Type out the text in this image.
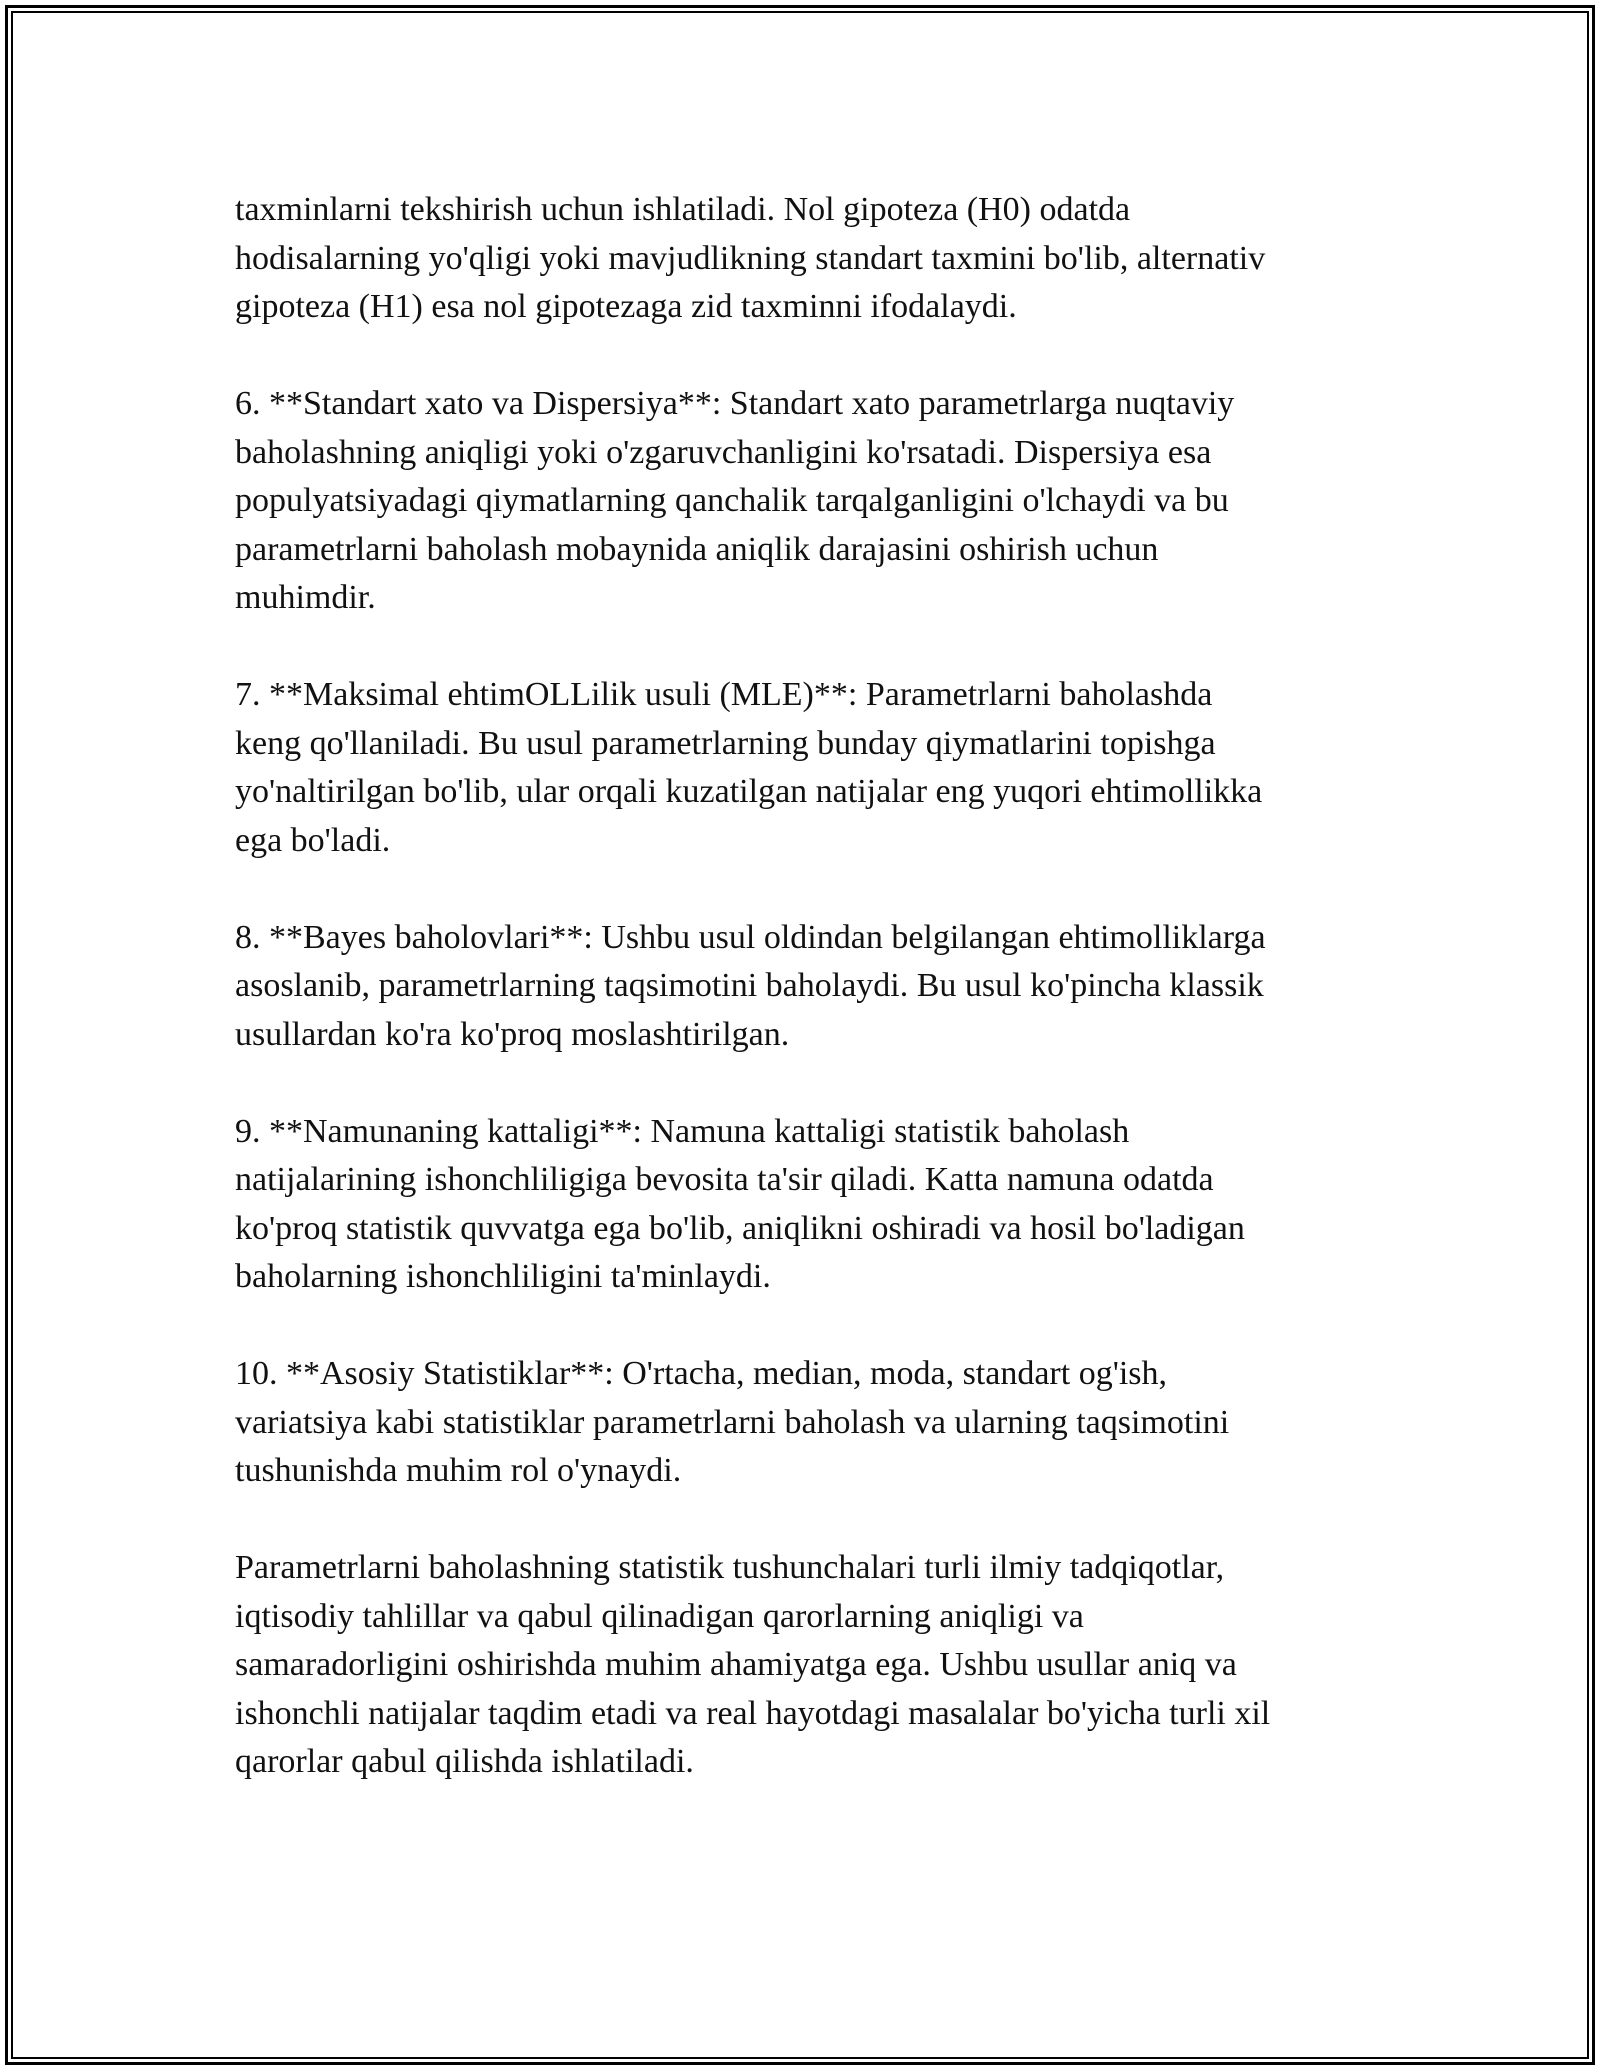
taxminlarni tekshirish uchun ishlatiladi. Nol gipoteza (H0) odatda
hodisalarning yo'qligi yoki mavjudlikning standart taxmini bo'lib, alternativ
gipoteza (H1) esa nol gipotezaga zid taxminni ifodalaydi.

6. **Standart xato va Dispersiya**: Standart xato parametrlarga nuqtaviy
baholashning aniqligi yoki o'zgaruvchanligini ko'rsatadi. Dispersiya esa
populyatsiyadagi qiymatlarning qanchalik tarqalganligini o'lchaydi va bu
parametrlarni baholash mobaynida aniqlik darajasini oshirish uchun
muhimdir.

7. **Maksimal ehtimOLLilik usuli (MLE)**: Parametrlarni baholashda
keng qo'llaniladi. Bu usul parametrlarning bunday qiymatlarini topishga
yo'naltirilgan bo'lib, ular orqali kuzatilgan natijalar eng yuqori ehtimollikka
ega bo'ladi.

8. **Bayes baholovlari**: Ushbu usul oldindan belgilangan ehtimolliklarga
asoslanib, parametrlarning taqsimotini baholaydi. Bu usul ko'pincha klassik
usullardan ko'ra ko'proq moslashtirilgan.

9. **Namunaning kattaligi**: Namuna kattaligi statistik baholash
natijalarining ishonchliligiga bevosita ta'sir qiladi. Katta namuna odatda
ko'proq statistik quvvatga ega bo'lib, aniqlikni oshiradi va hosil bo'ladigan
baholarning ishonchliligini ta'minlaydi.

10. **Asosiy Statistiklar**: O'rtacha, median, moda, standart og'ish,
variatsiya kabi statistiklar parametrlarni baholash va ularning taqsimotini
tushunishda muhim rol o'ynaydi.

Parametrlarni baholashning statistik tushunchalari turli ilmiy tadqiqotlar,
iqtisodiy tahlillar va qabul qilinadigan qarorlarning aniqligi va
samaradorligini oshirishda muhim ahamiyatga ega. Ushbu usullar aniq va
ishonchli natijalar taqdim etadi va real hayotdagi masalalar bo'yicha turli xil
qarorlar qabul qilishda ishlatiladi.
